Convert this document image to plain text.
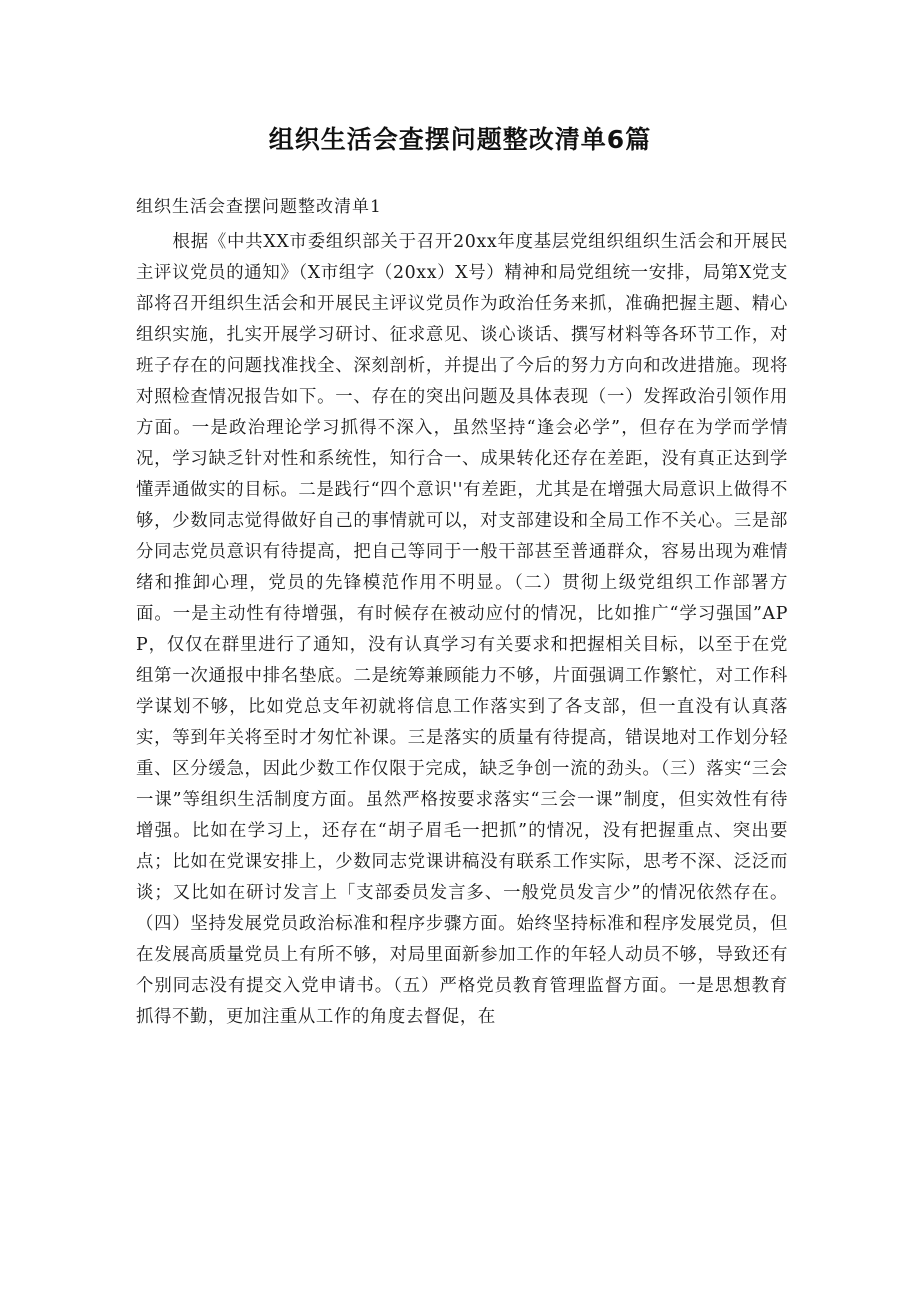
组织生活会查摆问题整改清单6篇

组织生活会查摆问题整改清单1

根据《中共XX市委组织部关于召开20xx年度基层党组织组织生活会和开展民主评议党员的通知》（X市组字（20xx）X号）精神和局党组统一安排，局第X党支部将召开组织生活会和开展民主评议党员作为政治任务来抓，准确把握主题、精心组织实施，扎实开展学习研讨、征求意见、谈心谈话、撰写材料等各环节工作，对班子存在的问题找准找全、深刻剖析，并提出了今后的努力方向和改进措施。现将对照检查情况报告如下。一、存在的突出问题及具体表现（一）发挥政治引领作用方面。一是政治理论学习抓得不深入，虽然坚持“逢会必学”，但存在为学而学情况，学习缺乏针对性和系统性，知行合一、成果转化还存在差距，没有真正达到学懂弄通做实的目标。二是践行“四个意识''有差距，尤其是在增强大局意识上做得不够，少数同志觉得做好自己的事情就可以，对支部建设和全局工作不关心。三是部分同志党员意识有待提高，把自己等同于一般干部甚至普通群众，容易出现为难情绪和推卸心理，党员的先锋模范作用不明显。（二）贯彻上级党组织工作部署方面。一是主动性有待增强，有时候存在被动应付的情况，比如推广“学习强国”APP，仅仅在群里进行了通知，没有认真学习有关要求和把握相关目标，以至于在党组第一次通报中排名垫底。二是统筹兼顾能力不够，片面强调工作繁忙，对工作科学谋划不够，比如党总支年初就将信息工作落实到了各支部，但一直没有认真落实，等到年关将至时才匆忙补课。三是落实的质量有待提高，错误地对工作划分轻重、区分缓急，因此少数工作仅限于完成，缺乏争创一流的劲头。（三）落实“三会一课”等组织生活制度方面。虽然严格按要求落实“三会一课”制度，但实效性有待增强。比如在学习上，还存在“胡子眉毛一把抓”的情况，没有把握重点、突出要点；比如在党课安排上，少数同志党课讲稿没有联系工作实际，思考不深、泛泛而谈；又比如在研讨发言上「支部委员发言多、一般党员发言少”的情况依然存在。（四）坚持发展党员政治标准和程序步骤方面。始终坚持标准和程序发展党员，但在发展高质量党员上有所不够，对局里面新参加工作的年轻人动员不够，导致还有个别同志没有提交入党申请书。（五）严格党员教育管理监督方面。一是思想教育抓得不勤，更加注重从工作的角度去督促，在
